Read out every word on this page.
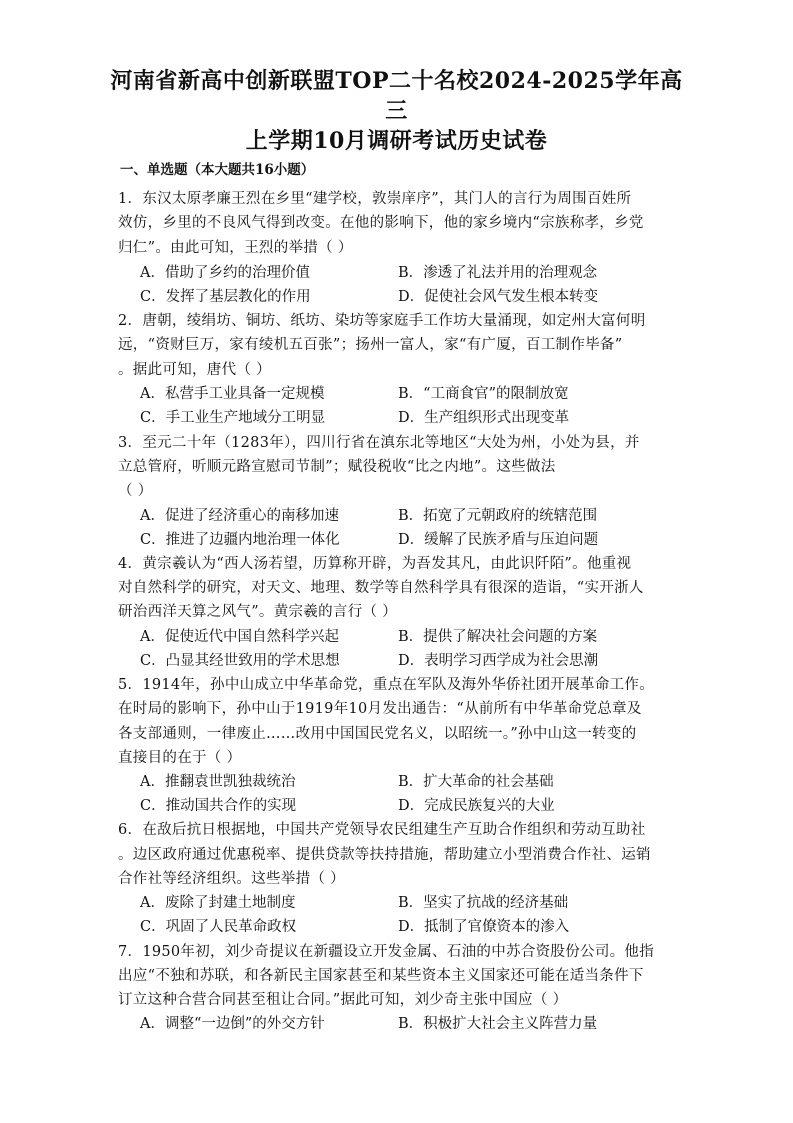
河南省新高中创新联盟TOP二十名校2024-2025学年高三
上学期10月调研考试历史试卷
一、单选题（本大题共16小题）
1．东汉太原孝廉王烈在乡里“建学校，敦崇庠序”，其门人的言行为周围百姓所
效仿，乡里的不良风气得到改变。在他的影响下，他的家乡境内“宗族称孝，乡党
归仁”。由此可知，王烈的举措（ ）
A．借助了乡约的治理价值	B．渗透了礼法并用的治理观念
C．发挥了基层教化的作用	D．促使社会风气发生根本转变
2．唐朝，绫绢坊、铜坊、纸坊、染坊等家庭手工作坊大量涌现，如定州大富何明
远，“资财巨万，家有绫机五百张”；扬州一富人，家“有广厦，百工制作毕备”
。据此可知，唐代（ ）
A．私营手工业具备一定规模	B．“工商食官”的限制放宽
C．手工业生产地域分工明显	D．生产组织形式出现变革
3．至元二十年（1283年），四川行省在滇东北等地区“大处为州，小处为县，并
立总管府，听顺元路宣慰司节制”；赋役税收“比之内地”。这些做法
（ ）
A．促进了经济重心的南移加速	B．拓宽了元朝政府的统辖范围
C．推进了边疆内地治理一体化	D．缓解了民族矛盾与压迫问题
4．黄宗羲认为“西人汤若望，历算称开辟，为吾发其凡，由此识阡陌”。他重视
对自然科学的研究，对天文、地理、数学等自然科学具有很深的造诣，“实开浙人
研治西洋天算之风气”。黄宗羲的言行（ ）
A．促使近代中国自然科学兴起	B．提供了解决社会问题的方案
C．凸显其经世致用的学术思想	D．表明学习西学成为社会思潮
5．1914年，孙中山成立中华革命党，重点在军队及海外华侨社团开展革命工作。
在时局的影响下，孙中山于1919年10月发出通告：“从前所有中华革命党总章及
各支部通则，一律废止……改用中国国民党名义，以昭统一。”孙中山这一转变的
直接目的在于（ ）
A．推翻袁世凯独裁统治	B．扩大革命的社会基础
C．推动国共合作的实现	D．完成民族复兴的大业
6．在敌后抗日根据地，中国共产党领导农民组建生产互助合作组织和劳动互助社
。边区政府通过优惠税率、提供贷款等扶持措施，帮助建立小型消费合作社、运销
合作社等经济组织。这些举措（ ）
A．废除了封建土地制度	B．坚实了抗战的经济基础
C．巩固了人民革命政权	D．抵制了官僚资本的渗入
7．1950年初，刘少奇提议在新疆设立开发金属、石油的中苏合资股份公司。他指
出应“不独和苏联，和各新民主国家甚至和某些资本主义国家还可能在适当条件下
订立这种合营合同甚至租让合同。”据此可知，刘少奇主张中国应（ ）
A．调整“一边倒”的外交方针	B．积极扩大社会主义阵营力量
